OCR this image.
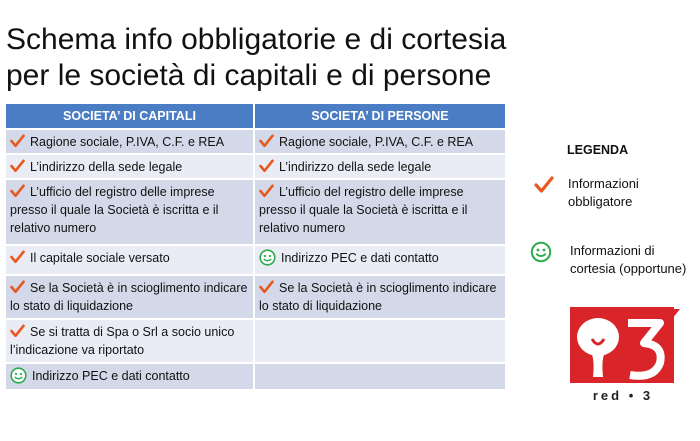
Schema info obbligatorie e di cortesia
per le società di capitali e di persone
SOCIETA’ DI CAPITALI	SOCIETA’ DI PERSONE
Ragione sociale, P.IVA, C.F. e REA	Ragione sociale, P.IVA, C.F. e REA
L’indirizzo della sede legale	L’indirizzo della sede legale
L’ufficio del registro delle imprese presso il quale la Società è iscritta e il relativo numero	L’ufficio del registro delle imprese presso il quale la Società è iscritta e il relativo numero
Il capitale sociale versato	Indirizzo PEC e dati contatto
Se la Società è in scioglimento indicare lo stato di liquidazione	Se la Società è in scioglimento indicare lo stato di liquidazione
Se si tratta di Spa o Srl a socio unico l’indicazione va riportato	
Indirizzo PEC e dati contatto	
LEGENDA
Informazioni obbligatore
Informazioni di cortesia (opportune)
red • 3
